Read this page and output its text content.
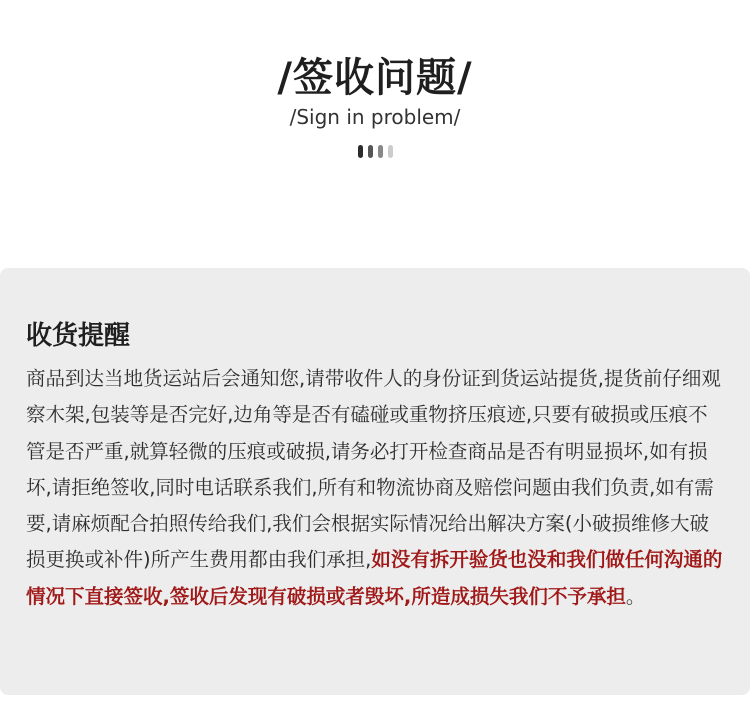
/签收问题/
/Sign in problem/
收货提醒
商品到达当地货运站后会通知您,请带收件人的身份证到货运站提货,提货前仔细观察木架,包装等是否完好,边角等是否有磕碰或重物挤压痕迹,只要有破损或压痕不管是否严重,就算轻微的压痕或破损,请务必打开检查商品是否有明显损坏,如有损坏,请拒绝签收,同时电话联系我们,所有和物流协商及赔偿问题由我们负责,如有需要,请麻烦配合拍照传给我们,我们会根据实际情况给出解决方案(小破损维修大破损更换或补件)所产生费用都由我们承担,如没有拆开验货也没和我们做任何沟通的情况下直接签收,签收后发现有破损或者毁坏,所造成损失我们不予承担。
